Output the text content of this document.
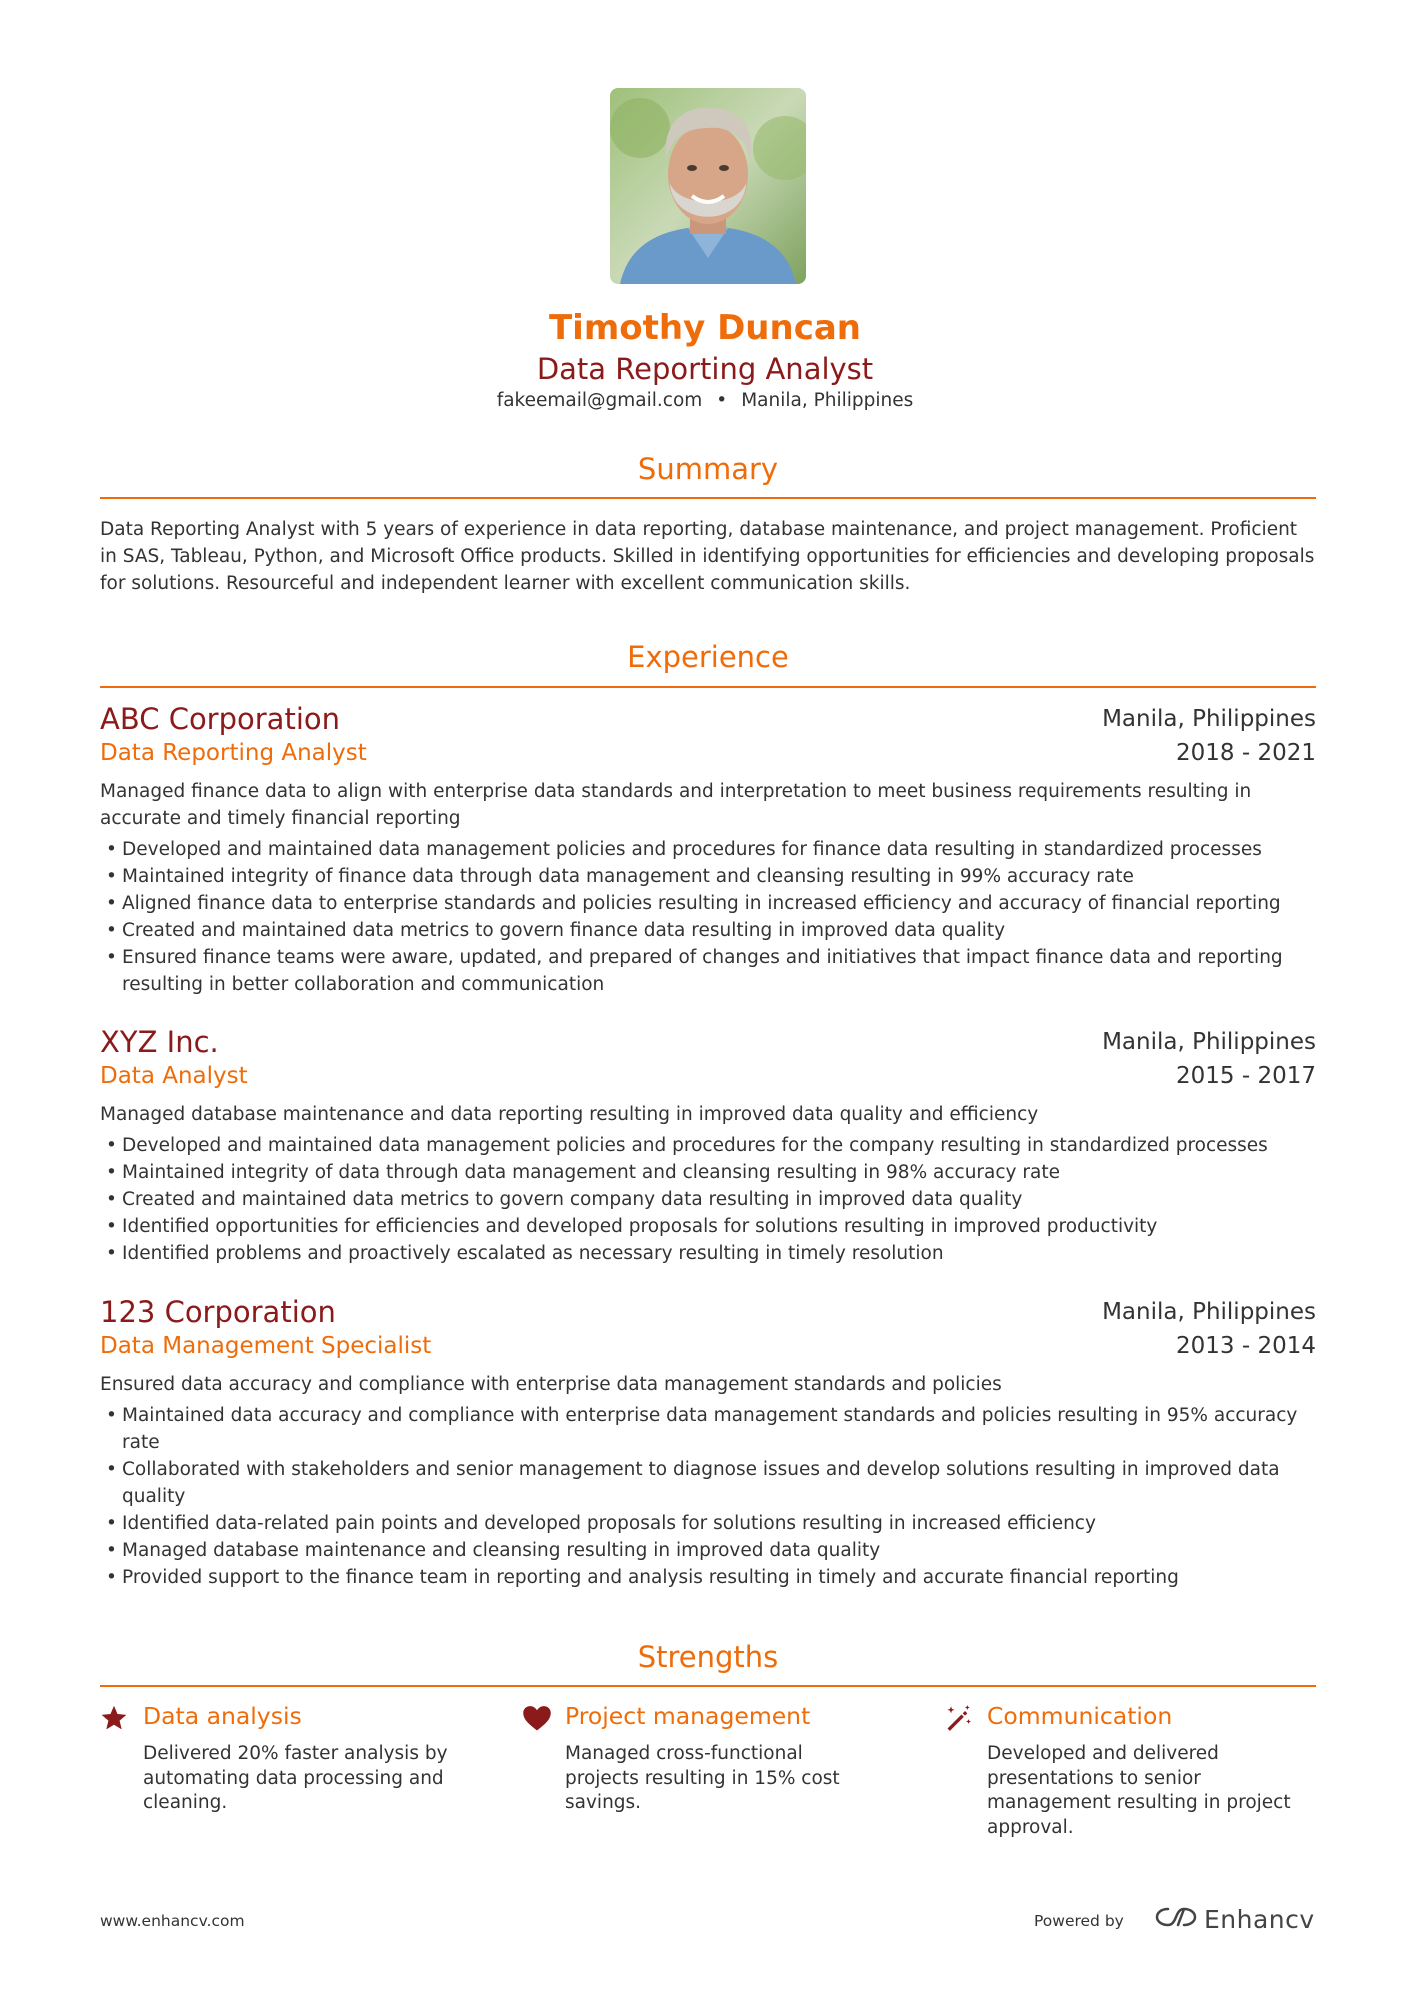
Timothy Duncan
Data Reporting Analyst
fakeemail@gmail.com • Manila, Philippines
Summary
Data Reporting Analyst with 5 years of experience in data reporting, database maintenance, and project management. Proficient in SAS, Tableau, Python, and Microsoft Office products. Skilled in identifying opportunities for efficiencies and developing proposals for solutions. Resourceful and independent learner with excellent communication skills.
Experience
ABC Corporation	Manila, Philippines
Data Reporting Analyst	2018 - 2021
Managed finance data to align with enterprise data standards and interpretation to meet business requirements resulting in accurate and timely financial reporting
• Developed and maintained data management policies and procedures for finance data resulting in standardized processes
• Maintained integrity of finance data through data management and cleansing resulting in 99% accuracy rate
• Aligned finance data to enterprise standards and policies resulting in increased efficiency and accuracy of financial reporting
• Created and maintained data metrics to govern finance data resulting in improved data quality
• Ensured finance teams were aware, updated, and prepared of changes and initiatives that impact finance data and reporting resulting in better collaboration and communication
XYZ Inc.	Manila, Philippines
Data Analyst	2015 - 2017
Managed database maintenance and data reporting resulting in improved data quality and efficiency
• Developed and maintained data management policies and procedures for the company resulting in standardized processes
• Maintained integrity of data through data management and cleansing resulting in 98% accuracy rate
• Created and maintained data metrics to govern company data resulting in improved data quality
• Identified opportunities for efficiencies and developed proposals for solutions resulting in improved productivity
• Identified problems and proactively escalated as necessary resulting in timely resolution
123 Corporation	Manila, Philippines
Data Management Specialist	2013 - 2014
Ensured data accuracy and compliance with enterprise data management standards and policies
• Maintained data accuracy and compliance with enterprise data management standards and policies resulting in 95% accuracy rate
• Collaborated with stakeholders and senior management to diagnose issues and develop solutions resulting in improved data quality
• Identified data-related pain points and developed proposals for solutions resulting in increased efficiency
• Managed database maintenance and cleansing resulting in improved data quality
• Provided support to the finance team in reporting and analysis resulting in timely and accurate financial reporting
Strengths
Data analysis
Delivered 20% faster analysis by automating data processing and cleaning.
Project management
Managed cross-functional projects resulting in 15% cost savings.
Communication
Developed and delivered presentations to senior management resulting in project approval.
www.enhancv.com	Powered by	Enhancv
